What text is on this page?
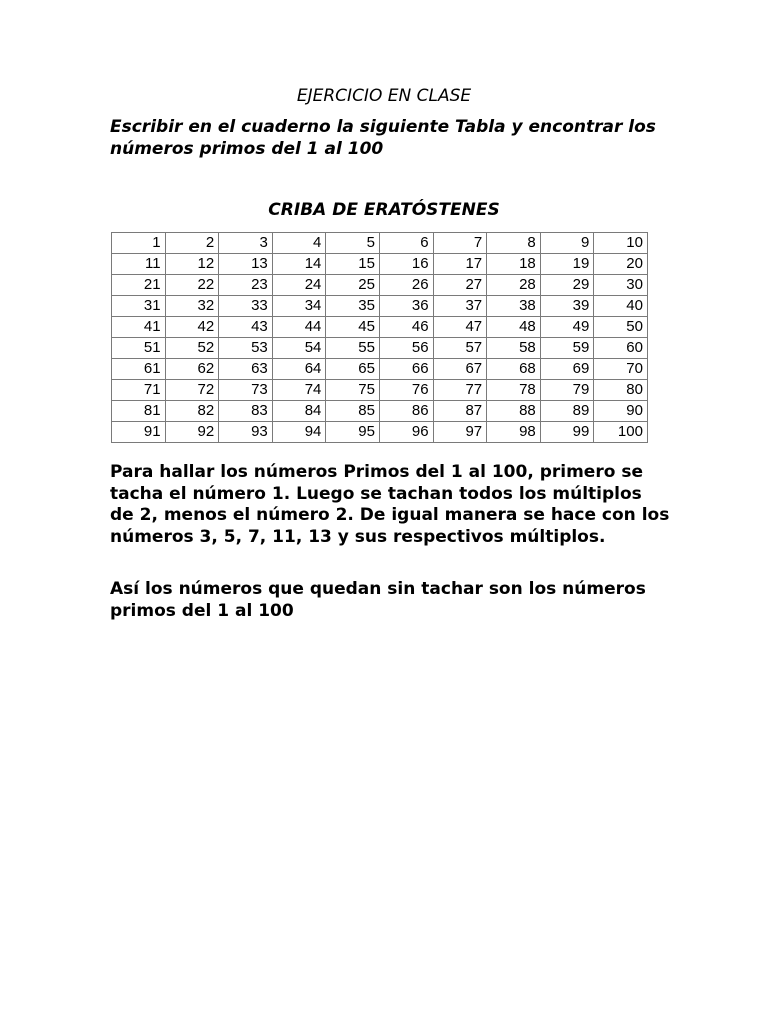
EJERCICIO EN CLASE
Escribir en el cuaderno la siguiente Tabla y encontrar los números primos del 1 al 100
CRIBA DE ERATÓSTENES
1	2	3	4	5	6	7	8	9	10
11	12	13	14	15	16	17	18	19	20
21	22	23	24	25	26	27	28	29	30
31	32	33	34	35	36	37	38	39	40
41	42	43	44	45	46	47	48	49	50
51	52	53	54	55	56	57	58	59	60
61	62	63	64	65	66	67	68	69	70
71	72	73	74	75	76	77	78	79	80
81	82	83	84	85	86	87	88	89	90
91	92	93	94	95	96	97	98	99	100

Para hallar los números Primos del 1 al 100, primero se tacha el número 1. Luego se tachan todos los múltiplos de 2, menos el número 2. De igual manera se hace con los números 3, 5, 7, 11, 13 y sus respectivos múltiplos.

Así los números que quedan sin tachar son los números primos del 1 al 100
